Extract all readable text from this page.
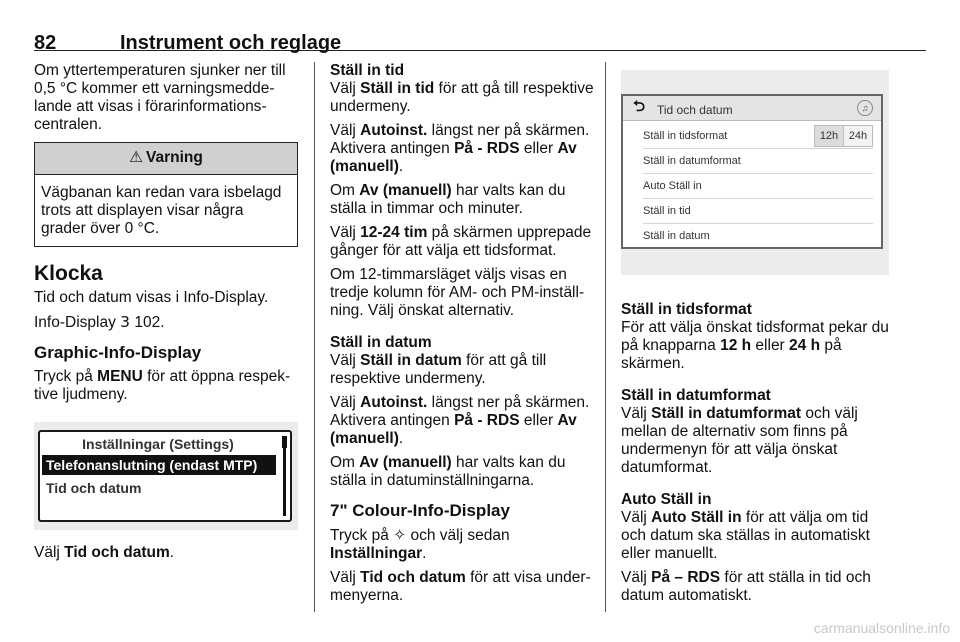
82	Instrument och reglage

Om yttertemperaturen sjunker ner till 0,5 °C kommer ett varningsmeddelande att visas i förarinformationscentralen.

⚠ Varning
Vägbanan kan redan vara isbelagd trots att displayen visar några grader över 0 °C.
Klocka

Tid och datum visas i Info-Display.

Info-Display 3 102.

Graphic-Info-Display

Tryck på MENU för att öppna respektive ljudmeny.

Inställningar (Settings)
Telefonanslutning (endast MTP)
Tid och datum

Välj Tid och datum.

Ställ in tid

Välj Ställ in tid för att gå till respektive undermeny.

Välj Autoinst. längst ner på skärmen. Aktivera antingen På - RDS eller Av (manuell).

Om Av (manuell) har valts kan du ställa in timmar och minuter.

Välj 12-24 tim på skärmen upprepade gånger för att välja ett tidsformat.

Om 12-timmarsläget väljs visas en tredje kolumn för AM- och PM-inställning. Välj önskat alternativ.

Ställ in datum

Välj Ställ in datum för att gå till respektive undermeny.

Välj Autoinst. längst ner på skärmen. Aktivera antingen På - RDS eller Av (manuell).

Om Av (manuell) har valts kan du ställa in datuminställningarna.

7" Colour-Info-Display

Tryck på ✧ och välj sedan Inställningar.

Välj Tid och datum för att visa undermenyerna.

⮌ Tid och datum	♫
Ställ in tidsformat	12h 24h
Ställ in datumformat
Auto Ställ in
Ställ in tid
Ställ in datum
Ställ in tidsformat

För att välja önskat tidsformat pekar du på knapparna 12 h eller 24 h på skärmen.

Ställ in datumformat

Välj Ställ in datumformat och välj mellan de alternativ som finns på undermenyn för att välja önskat datumformat.

Auto Ställ in

Välj Auto Ställ in för att välja om tid och datum ska ställas in automatiskt eller manuellt.

Välj På – RDS för att ställa in tid och datum automatiskt.

carmanualsonline.info
